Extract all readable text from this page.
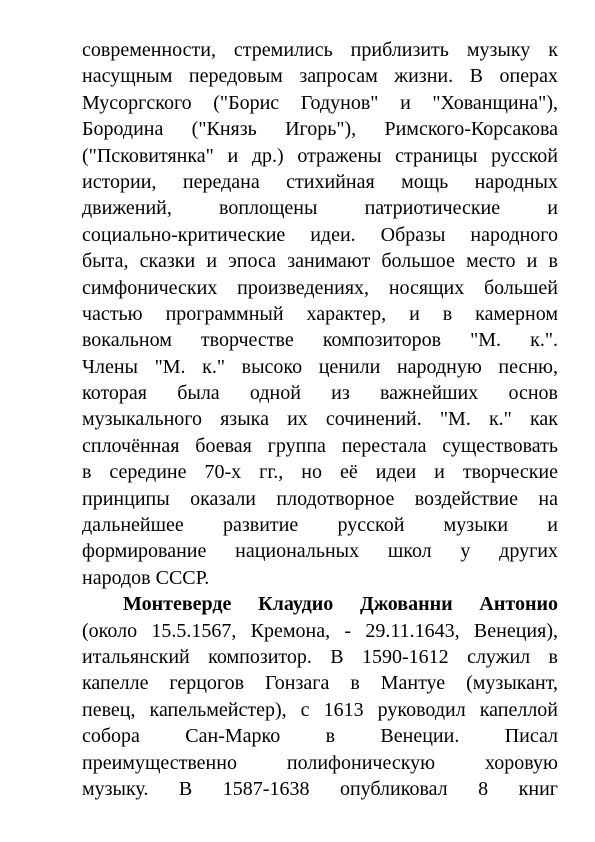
современности, стремились приблизить музыку к
насущным передовым запросам жизни. В операх
Мусоргского ("Борис Годунов" и "Хованщина"),
Бородина ("Князь Игорь"), Римского-Корсакова
("Псковитянка" и др.) отражены страницы русской
истории, передана стихийная мощь народных
движений, воплощены патриотические и
социально-критические идеи. Образы народного
быта, сказки и эпоса занимают большое место и в
симфонических произведениях, носящих большей
частью программный характер, и в камерном
вокальном творчестве композиторов "М. к.".
Члены "М. к." высоко ценили народную песню,
которая была одной из важнейших основ
музыкального языка их сочинений. "М. к." как
сплочённая боевая группа перестала существовать
в середине 70-х гг., но её идеи и творческие
принципы оказали плодотворное воздействие на
дальнейшее развитие русской музыки и
формирование национальных школ у других
народов СССР.
Монтеверде Клаудио Джованни Антонио
(около 15.5.1567, Кремона, - 29.11.1643, Венеция),
итальянский композитор. В 1590-1612 служил в
капелле герцогов Гонзага в Мантуе (музыкант,
певец, капельмейстер), с 1613 руководил капеллой
собора Сан-Марко в Венеции. Писал
преимущественно полифоническую хоровую
музыку. В 1587-1638 опубликовал 8 книг
